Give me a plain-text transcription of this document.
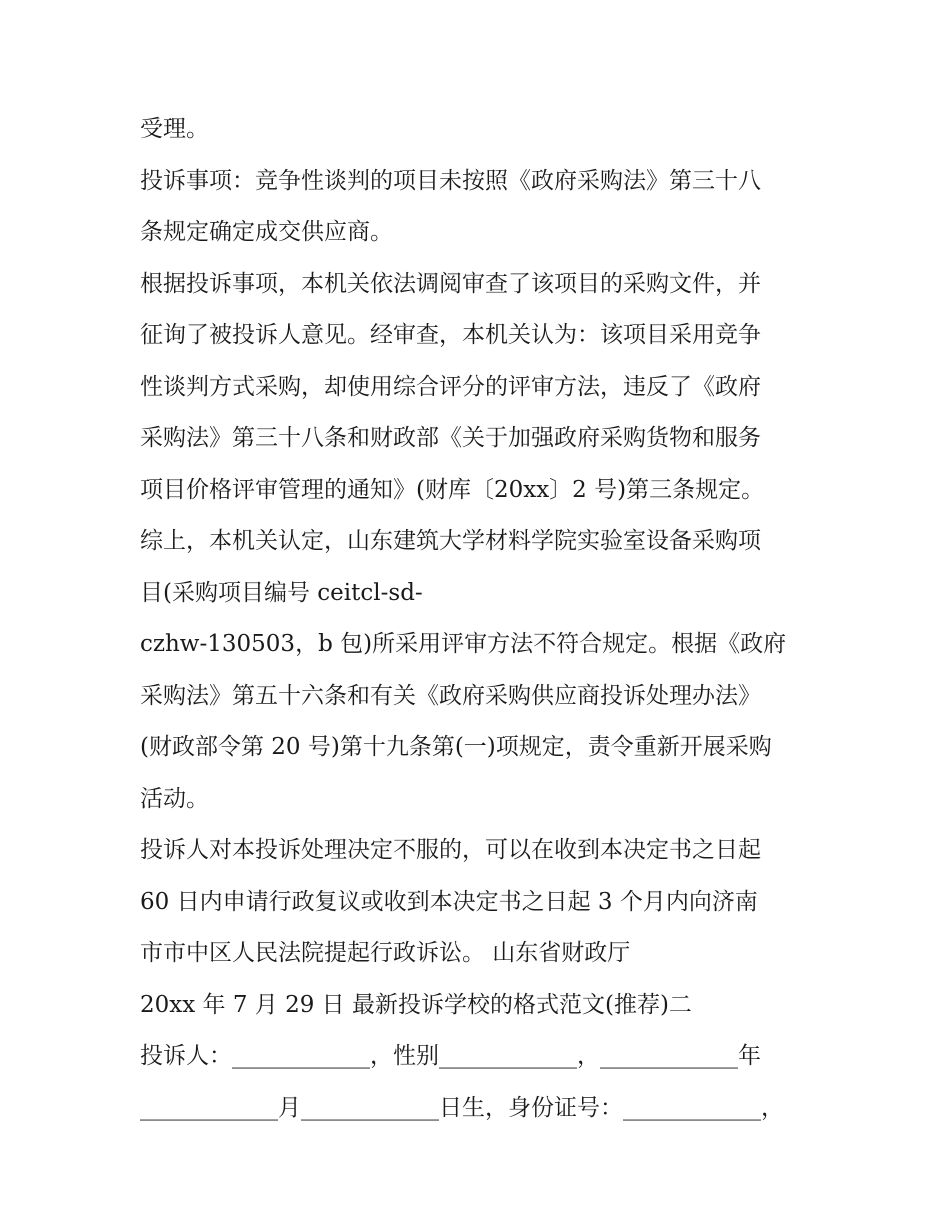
受理。
投诉事项：竞争性谈判的项目未按照《政府采购法》第三十八
条规定确定成交供应商。
根据投诉事项，本机关依法调阅审查了该项目的采购文件，并
征询了被投诉人意见。经审查，本机关认为：该项目采用竞争
性谈判方式采购，却使用综合评分的评审方法，违反了《政府
采购法》第三十八条和财政部《关于加强政府采购货物和服务
项目价格评审管理的通知》(财库〔20xx〕2 号)第三条规定。
综上，本机关认定，山东建筑大学材料学院实验室设备采购项
目(采购项目编号 ceitcl-sd-
czhw-130503，b 包)所采用评审方法不符合规定。根据《政府
采购法》第五十六条和有关《政府采购供应商投诉处理办法》
(财政部令第 20 号)第十九条第(一)项规定，责令重新开展采购
活动。
投诉人对本投诉处理决定不服的，可以在收到本决定书之日起
60 日内申请行政复议或收到本决定书之日起 3 个月内向济南
市市中区人民法院提起行政诉讼。 山东省财政厅
20xx 年 7 月 29 日 最新投诉学校的格式范文(推荐)二
投诉人：____________，性别____________，____________年
____________月____________日生，身份证号：____________，
